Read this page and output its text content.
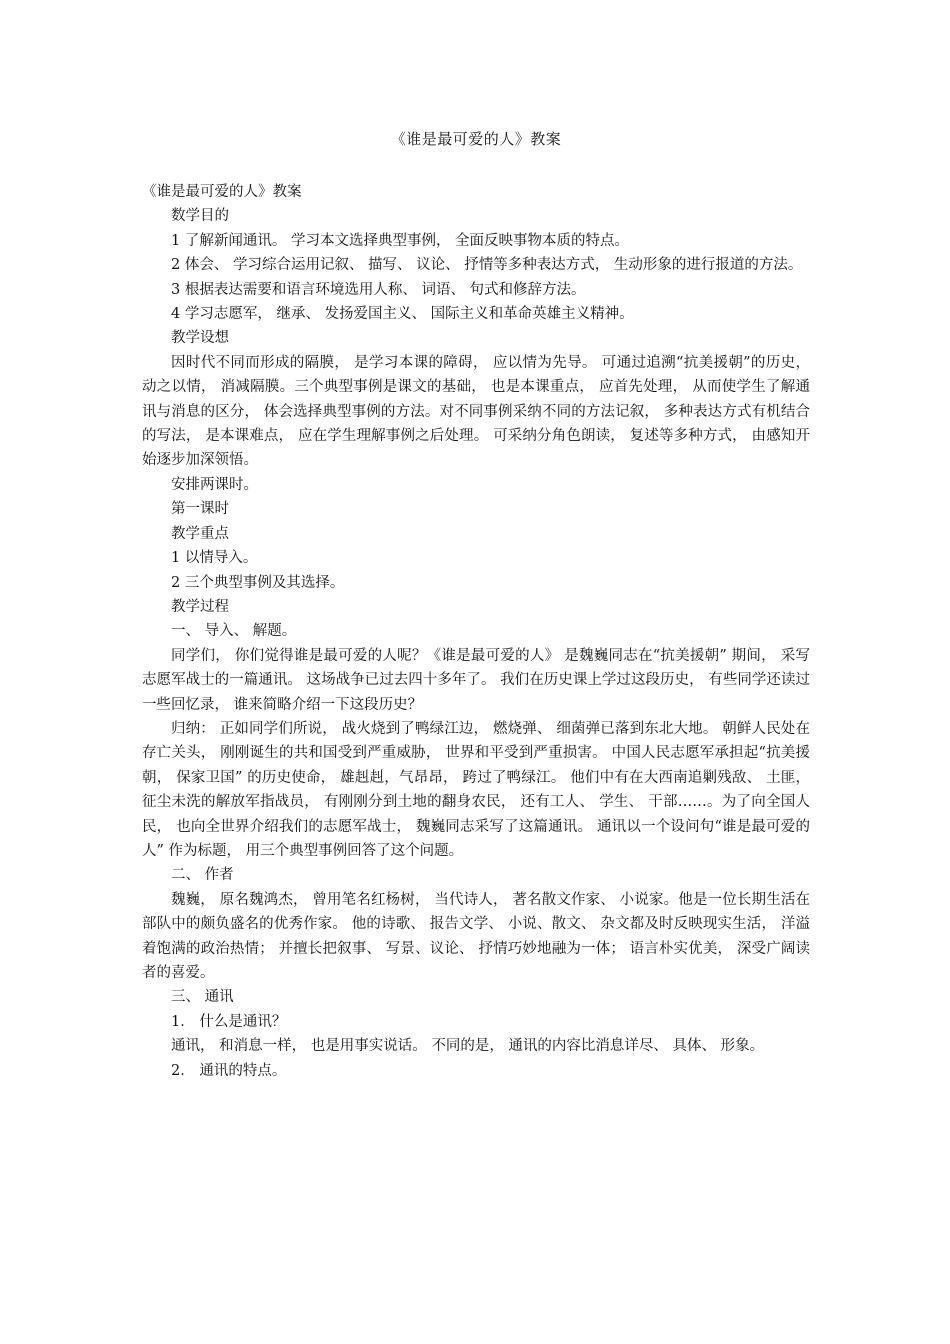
《谁是最可爱的人》教案

《谁是最可爱的人》教案

数学目的

1 了解新闻通讯。 学习本文选择典型事例， 全面反映事物本质的特点。

2 体会、 学习综合运用记叙、 描写、 议论、 抒情等多种表达方式， 生动形象的进行报道的方法。

3 根据表达需要和语言环境选用人称、 词语、 句式和修辞方法。

4 学习志愿军， 继承、 发扬爱国主义、 国际主义和革命英雄主义精神。

教学设想

因时代不同而形成的隔膜， 是学习本课的障碍， 应以情为先导。 可通过追溯“抗美援朝”的历史， 动之以情， 消减隔膜。三个典型事例是课文的基础， 也是本课重点， 应首先处理， 从而使学生了解通讯与消息的区分， 体会选择典型事例的方法。对不同事例采纳不同的方法记叙， 多种表达方式有机结合的写法， 是本课难点， 应在学生理解事例之后处理。 可采纳分角色朗读， 复述等多种方式， 由感知开始逐步加深领悟。

安排两课时。

第一课时

教学重点

1 以情导入。

2 三个典型事例及其选择。

教学过程

一、 导入、 解题。

同学们， 你们觉得谁是最可爱的人呢？《谁是最可爱的人》 是魏巍同志在“抗美援朝” 期间， 采写志愿军战士的一篇通讯。 这场战争已过去四十多年了。 我们在历史课上学过这段历史， 有些同学还读过一些回忆录， 谁来简略介绍一下这段历史？

归纳： 正如同学们所说， 战火烧到了鸭绿江边， 燃烧弹、 细菌弹已落到东北大地。 朝鲜人民处在存亡关头， 刚刚诞生的共和国受到严重威胁， 世界和平受到严重损害。 中国人民志愿军承担起“抗美援朝， 保家卫国” 的历史使命， 雄赳赳，气昂昂， 跨过了鸭绿江。 他们中有在大西南追剿残敌、 土匪， 征尘未洗的解放军指战员， 有刚刚分到土地的翻身农民， 还有工人、 学生、 干部……。为了向全国人民， 也向全世界介绍我们的志愿军战士， 魏巍同志采写了这篇通讯。 通讯以一个设问句“谁是最可爱的人” 作为标题， 用三个典型事例回答了这个问题。

二、 作者

魏巍， 原名魏鸿杰， 曾用笔名红杨树， 当代诗人， 著名散文作家、 小说家。他是一位长期生活在部队中的颇负盛名的优秀作家。 他的诗歌、 报告文学、 小说、散文、 杂文都及时反映现实生活， 洋溢着饱满的政治热情； 并擅长把叙事、 写景、议论、 抒情巧妙地融为一体； 语言朴实优美， 深受广阔读者的喜爱。

三、 通讯

1． 什么是通讯？

通讯， 和消息一样， 也是用事实说话。 不同的是， 通讯的内容比消息详尽、 具体、 形象。

2． 通讯的特点。
